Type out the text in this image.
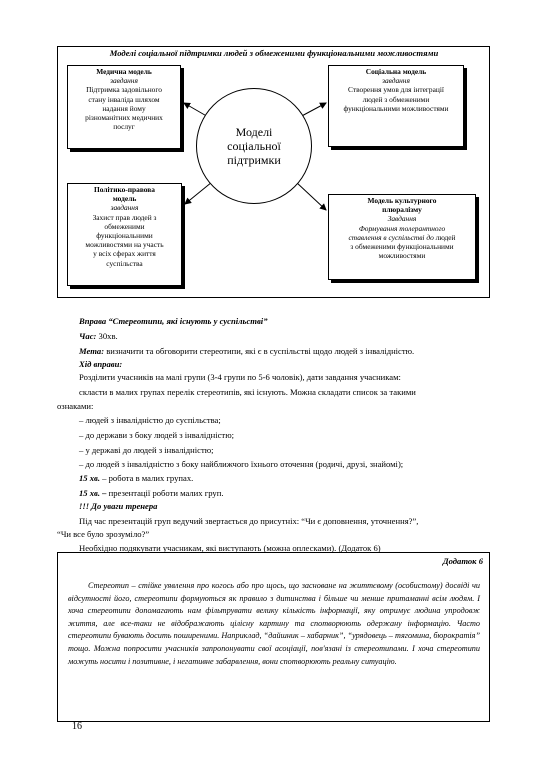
Моделі соціальної підтримки людей з обмеженими функціональними можливостями
Моделі
соціальної
підтримки
Медична модель
завдання
Підтримка задовільного
стану інваліда шляхом
надання йому
різноманітних медичних
послуг
Соціальна модель
завдання
Створення умов для інтеграції
людей з обмеженими
функціональними можливостями
Політико-правова
модель
завдання
Захист прав людей з
обмеженими
функціональними
можливостями на участь
у всіх сферах життя
суспільства
Модель культурного
плюралізму
Завдання
Формування толерантного
ставлення в суспільстві до людей
з обмеженими функціональними
можливостями
Вправа “Стереотипи, які існують у суспільстві”
Час: 30хв.
Мета: визначити та обговорити стереотипи, які є в суспільстві щодо людей з інвалідністю.
Хід вправи:
Розділити учасників на малі групи (3-4 групи по 5-6 чоловік), дати завдання учасникам:
скласти в малих групах перелік стереотипів, які існують. Можна складати список за такими
ознаками:
– людей з інвалідністю до суспільства;
– до держави з боку людей з інвалідністю;
– у державі до людей з інвалідністю;
– до людей з інвалідністю з боку найближчого їхнього оточення (родичі, друзі, знайомі);
15 хв. – робота в малих групах.
15 хв. – презентації роботи малих груп.
!!! До уваги тренера
Під час презентацій груп ведучий звертається до присутніх: “Чи є доповнення, уточнення?”,
“Чи все було зрозуміло?”
Необхідно подякувати учасникам, які виступають (можна оплесками). (Додаток 6)
Додаток 6
Стереотип – стійке уявлення про когось або про щось, що засноване на життєвому (особистому) досвіді чи відсутності його, стереотипи формуються як правило з дитинства і більше чи менше притаманні всім людям. І хоча стереотипи допомагають нам фільтрувати велику кількість інформації, яку отримує людина упродовж життя, але все-таки не відображають цілісну картину та спотворюють одержану інформацію. Часто стереотипи бувають досить поширеними. Наприклад, “дайшник – хабарник”, “урядовець – тягомина, бюрократія” тощо. Можна попросити учасників запропонувати свої асоціації, пов'язані із стереотипами. І хоча стереотипи можуть носити і позитивне, і негативне забарвлення, вони спотворюють реальну ситуацію.
16
